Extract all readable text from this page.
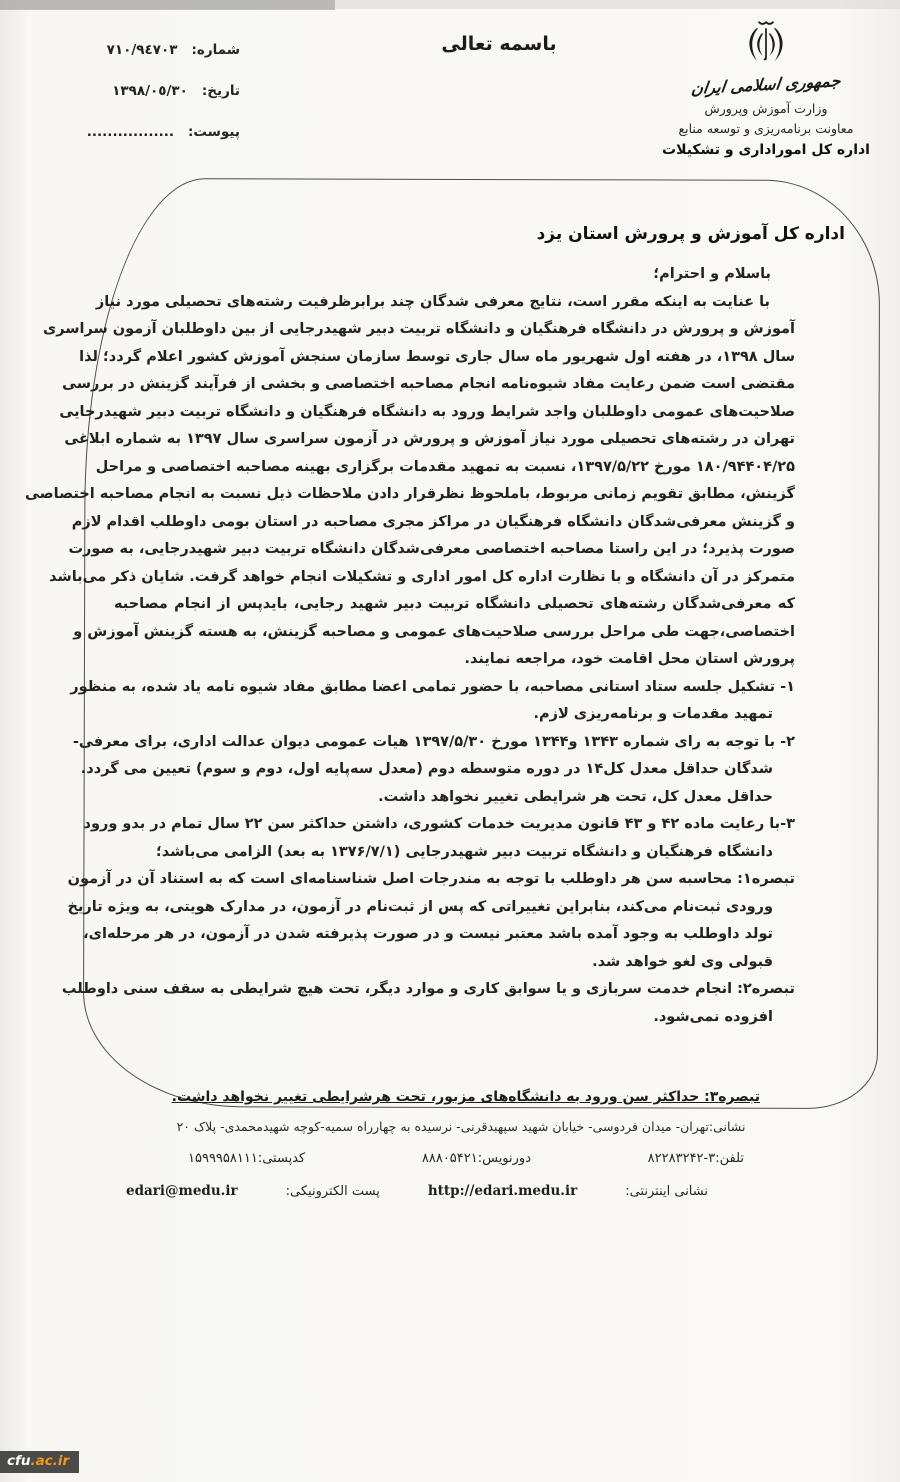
شماره:٧١٠/٩٤٧٠٣
تاریخ:١٣٩٨/٠٥/٣٠
پیوست:.................
باسمه تعالی
جمهوری اسلامی ایران
وزارت آموزش وپرورش
معاونت برنامه‌ریزی و توسعه منابع
اداره کل اموراداری و تشکیلات
اداره کل آموزش و پرورش استان یزد
باسلام و احترام؛
با عنایت به اینکه مقرر است، نتایج معرفی شدگان چند برابرظرفیت رشته‌های تحصیلی مورد نیاز
آموزش و پرورش در دانشگاه فرهنگیان و دانشگاه تربیت دبیر شهیدرجایی از بین داوطلبان آزمون سراسری
سال ۱۳۹۸، در هفته اول شهریور ماه سال جاری توسط سازمان سنجش آموزش کشور اعلام گردد؛ لذا
مقتضی است ضمن رعایت مفاد شیوه‌نامه انجام مصاحبه اختصاصی و بخشی از فرآیند گزینش در بررسی
صلاحیت‌های عمومی داوطلبان واجد شرایط ورود به دانشگاه فرهنگیان و دانشگاه تربیت دبیر شهیدرجایی
تهران در رشته‌های تحصیلی مورد نیاز آموزش و پرورش در آزمون سراسری سال ۱۳۹۷ به شماره ابلاغی
۱۸۰/۹۴۴۰۴/۲۵ مورخ ۱۳۹۷/۵/۲۲، نسبت به تمهید مقدمات برگزاری بهینه مصاحبه اختصاصی و مراحل
گزینش، مطابق تقویم زمانی مربوط، باملحوظ نظرقرار دادن ملاحظات ذیل نسبت به انجام مصاحبه اختصاصی
و گزینش معرفی‌شدگان دانشگاه فرهنگیان در مراکز مجری مصاحبه در استان بومی داوطلب اقدام لازم
صورت پذیرد؛ در این راستا مصاحبه اختصاصی معرفی‌شدگان دانشگاه تربیت دبیر شهیدرجایی، به صورت
متمرکز در آن دانشگاه و با نظارت اداره کل امور اداری و تشکیلات انجام خواهد گرفت. شایان ذکر می‌باشد
که معرفی‌شدگان رشته‌های تحصیلی دانشگاه تربیت دبیر شهید رجایی، بایدپس از انجام مصاحبه
اختصاصی،جهت طی مراحل بررسی صلاحیت‌های عمومی و مصاحبه گزینش، به هسته گزینش آموزش و
پرورش استان محل اقامت خود، مراجعه نمایند.
۱- تشکیل جلسه ستاد استانی مصاحبه، با حضور تمامی اعضا مطابق مفاد شیوه نامه یاد شده، به منظور
تمهید مقدمات و برنامه‌ریزی لازم.
۲- با توجه به رای شماره ۱۳۴۳ و۱۳۴۴ مورخ ۱۳۹۷/۵/۳۰ هیات عمومی دیوان عدالت اداری، برای معرفی-
شدگان حداقل معدل کل۱۴ در دوره متوسطه دوم (معدل سه‌پایه اول، دوم و سوم) تعیین می گردد.
حداقل معدل کل، تحت هر شرایطی تغییر نخواهد داشت.
۳-با رعایت ماده ۴۲ و ۴۳ قانون مدیریت خدمات کشوری، داشتن حداکثر سن ۲۲ سال تمام در بدو ورود
دانشگاه فرهنگیان و دانشگاه تربیت دبیر شهیدرجایی (۱۳۷۶/۷/۱ به بعد) الزامی می‌باشد؛
تبصره۱: محاسبه سن هر داوطلب با توجه به مندرجات اصل شناسنامه‌ای است که به استناد آن در آزمون
ورودی ثبت‌نام می‌کند، بنابراین تغییراتی که پس از ثبت‌نام در آزمون، در مدارک هویتی، به ویژه تاریخ
تولد داوطلب به وجود آمده باشد معتبر نیست و در صورت پذیرفته شدن در آزمون، در هر مرحله‌ای،
قبولی وی لغو خواهد شد.
تبصره۲: انجام خدمت سربازی و یا سوابق کاری و موارد دیگر، تحت هیچ شرایطی به سقف سنی داوطلب
افزوده نمی‌شود.
تبصره۳: حداکثر سن ورود به دانشگاه‌های مزبور، تحت هرشرایطی تغییر نخواهد داشت.
نشانی:تهران- میدان فردوسی- خیابان شهید سپهبدقرنی- نرسیده به چهارراه سمیه-کوچه شهیدمحمدی- پلاک ۲۰
تلفن:۳-۸۲۲۸۳۲۴۲
دورنویس:۸۸۸۰۵۴۲۱
کدپستی:۱۵۹۹۹۵۸۱۱۱
نشانی اینترنتی:
http://edari.medu.ir
پست الکترونیکی:
edari@medu.ir
cfu.ac.ir
